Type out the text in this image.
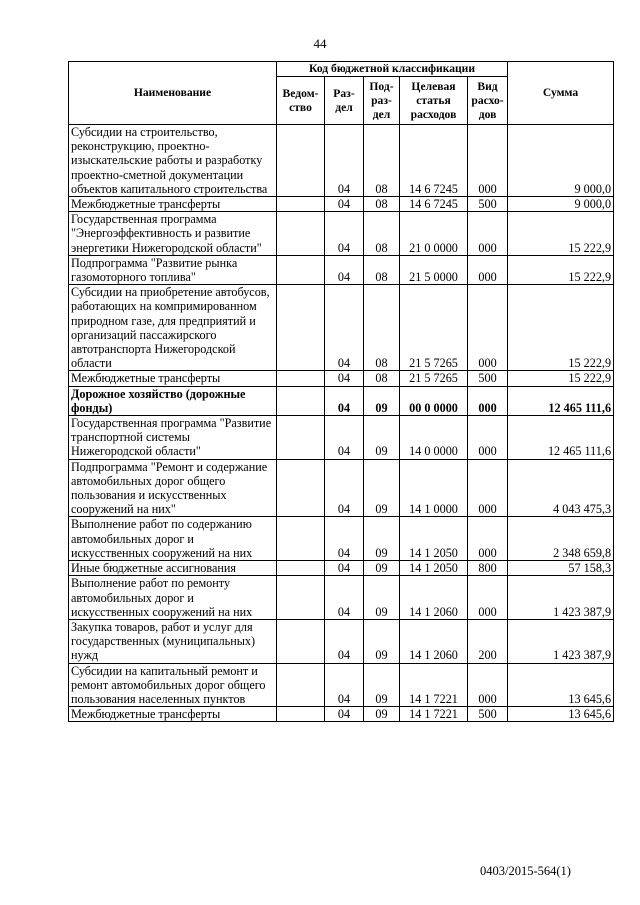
44
Наименование	Код бюджетной классификации					Сумма
	Ведом-ство	Раз-дел	Под-раз-дел	Целевая статья расходов	Вид расхо-дов	
Субсидии на строительство, реконструкцию, проектно-изыскательские работы и разработку проектно-сметной документации объектов капитального строительства		04	08	14 6 7245	000	9 000,0
Межбюджетные трансферты		04	08	14 6 7245	500	9 000,0
Государственная программа "Энергоэффективность и развитие энергетики Нижегородской области"		04	08	21 0 0000	000	15 222,9
Подпрограмма "Развитие рынка газомоторного топлива"		04	08	21 5 0000	000	15 222,9
Субсидии на приобретение автобусов, работающих на компримированном природном газе, для предприятий и организаций пассажирского автотранспорта Нижегородской области		04	08	21 5 7265	000	15 222,9
Межбюджетные трансферты		04	08	21 5 7265	500	15 222,9
Дорожное хозяйство (дорожные фонды)		04	09	00 0 0000	000	12 465 111,6
Государственная программа "Развитие транспортной системы Нижегородской области"		04	09	14 0 0000	000	12 465 111,6
Подпрограмма "Ремонт и содержание автомобильных дорог общего пользования и искусственных сооружений на них"		04	09	14 1 0000	000	4 043 475,3
Выполнение работ по содержанию автомобильных дорог и искусственных сооружений на них		04	09	14 1 2050	000	2 348 659,8
Иные бюджетные ассигнования		04	09	14 1 2050	800	57 158,3
Выполнение работ по ремонту автомобильных дорог и искусственных сооружений на них		04	09	14 1 2060	000	1 423 387,9
Закупка товаров, работ и услуг для государственных (муниципальных) нужд		04	09	14 1 2060	200	1 423 387,9
Субсидии на капитальный ремонт и ремонт автомобильных дорог общего пользования населенных пунктов		04	09	14 1 7221	000	13 645,6
Межбюджетные трансферты		04	09	14 1 7221	500	13 645,6
0403/2015-564(1)
